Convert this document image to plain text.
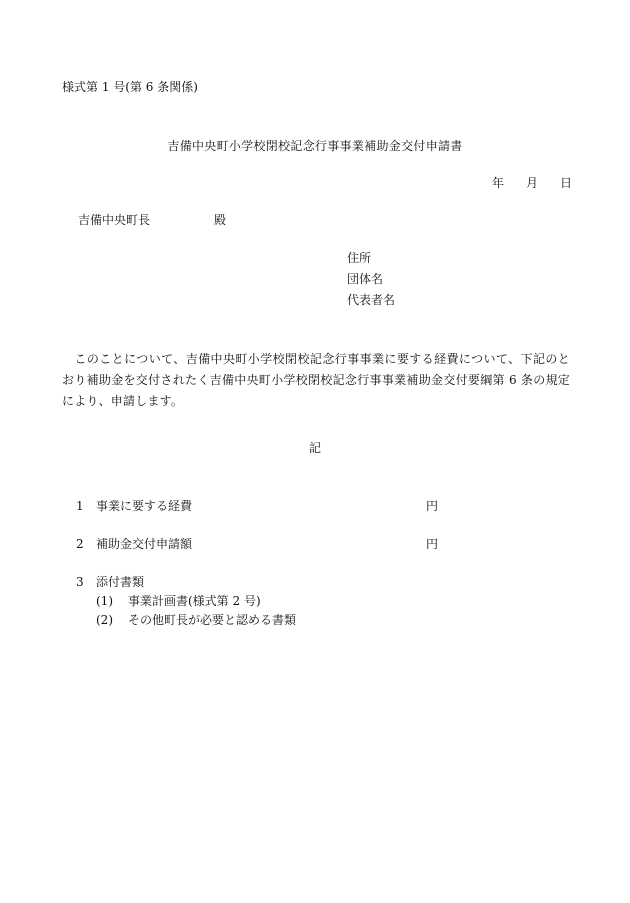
様式第 1 号(第 6 条関係)
吉備中央町小学校閉校記念行事事業補助金交付申請書
年 月 日
吉備中央町長	殿
住所
団体名
代表者名
　このことについて、吉備中央町小学校閉校記念行事事業に要する経費について、下記のとおり補助金を交付されたく吉備中央町小学校閉校記念行事事業補助金交付要綱第 6 条の規定により、申請します。
記
1 事業に要する経費	円
2 補助金交付申請額	円
3 添付書類
(1) 事業計画書(様式第 2 号)
(2) その他町長が必要と認める書類
